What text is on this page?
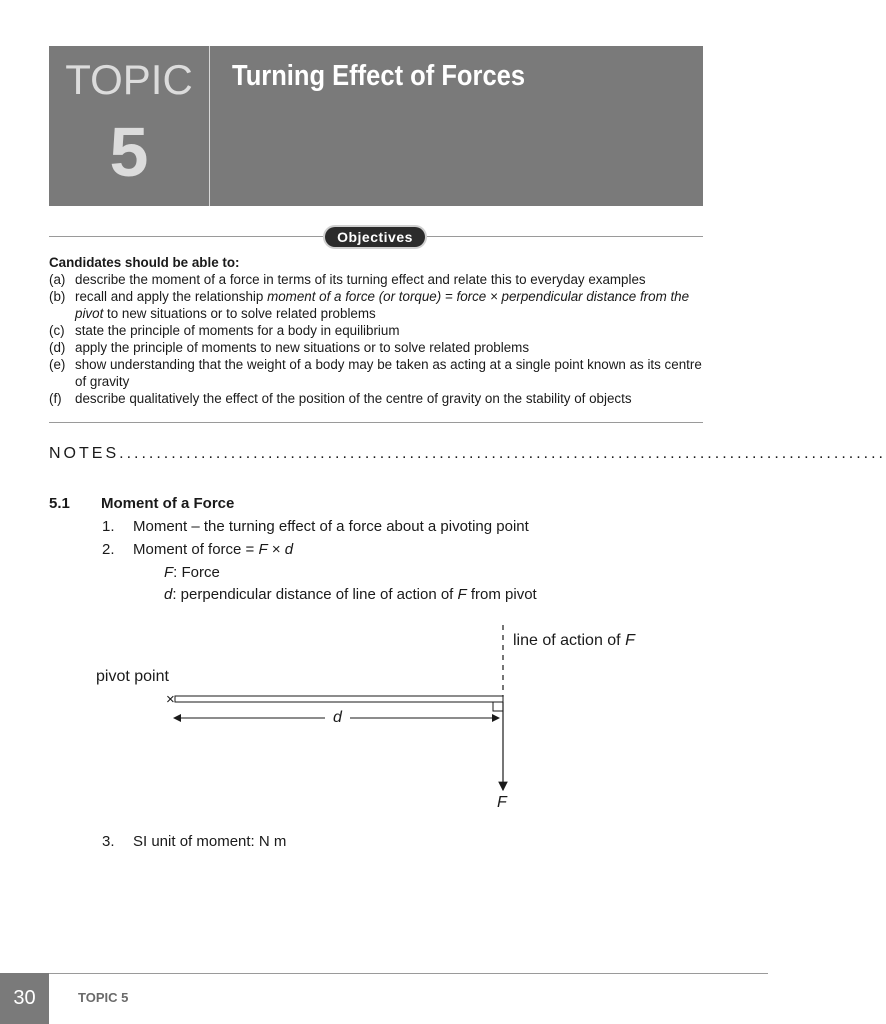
TOPIC
5
Turning Effect of Forces
Objectives
Candidates should be able to:
(a) describe the moment of a force in terms of its turning effect and relate this to everyday examples
(b) recall and apply the relationship moment of a force (or torque) = force × perpendicular distance from the pivot to new situations or to solve related problems
(c) state the principle of moments for a body in equilibrium
(d) apply the principle of moments to new situations or to solve related problems
(e) show understanding that the weight of a body may be taken as acting at a single point known as its centre of gravity
(f) describe qualitatively the effect of the position of the centre of gravity on the stability of objects
NOTES.......................................................................................................
5.1 Moment of a Force
1. Moment – the turning effect of a force about a pivoting point
2. Moment of force = F × d
F: Force
d: perpendicular distance of line of action of F from pivot
×
pivot point
line of action of F
d
F
3. SI unit of moment: N m
30	TOPIC 5
